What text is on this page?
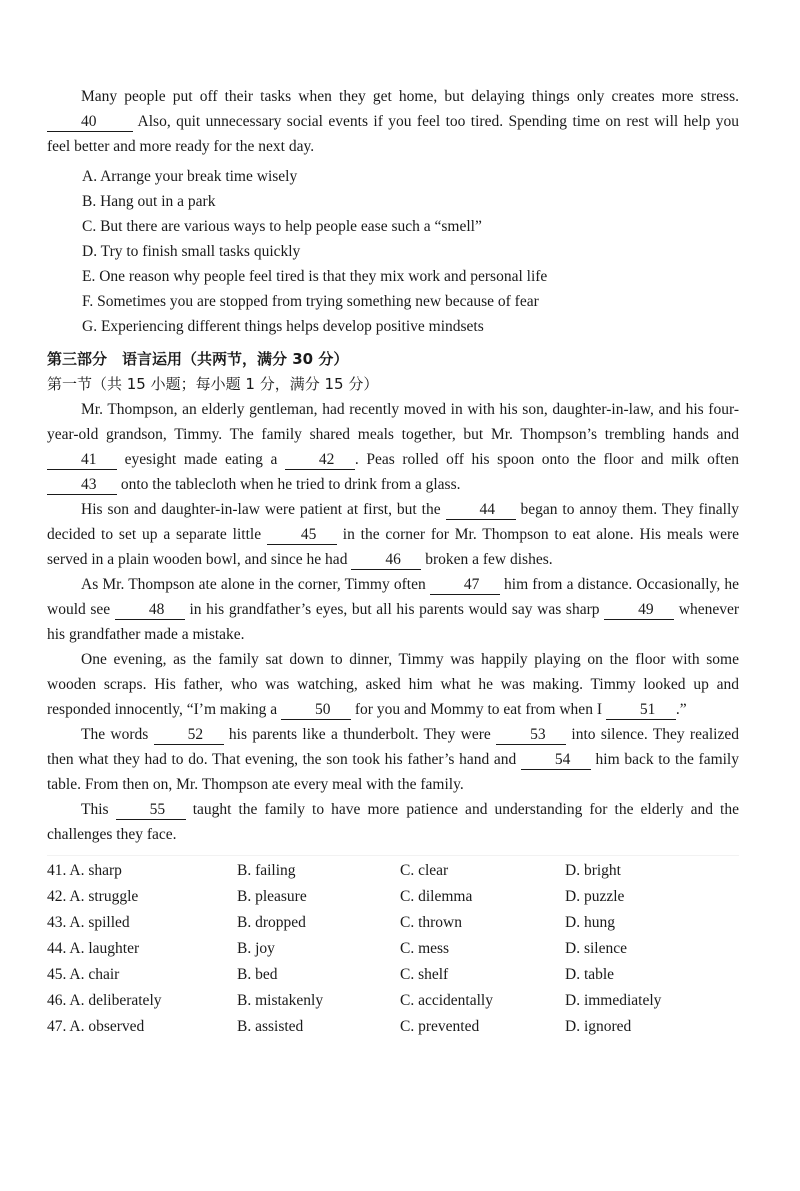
Many people put off their tasks when they get home, but delaying things only creates more stress.40 Also, quit unnecessary social events if you feel too tired. Spending time on rest will help you feel better and more ready for the next day.

A. Arrange your break time wisely
B. Hang out in a park
C. But there are various ways to help people ease such a “smell”
D. Try to finish small tasks quickly
E. One reason why people feel tired is that they mix work and personal life
F. Sometimes you are stopped from trying something new because of fear
G. Experiencing different things helps develop positive mindsets
第三部分　语言运用（共两节，满分 30 分）
第一节（共 15 小题；每小题 1 分，满分 15 分）

Mr. Thompson, an elderly gentleman, had recently moved in with his son, daughter-in-law, and his four-year-old grandson, Timmy. The family shared meals together, but Mr. Thompson’s trembling hands and 41 eyesight made eating a 42 . Peas rolled off his spoon onto the floor and milk often 43 onto the tablecloth when he tried to drink from a glass.

His son and daughter-in-law were patient at first, but the 44 began to annoy them. They finally decided to set up a separate little 45 in the corner for Mr. Thompson to eat alone. His meals were served in a plain wooden bowl, and since he had 46 broken a few dishes.

As Mr. Thompson ate alone in the corner, Timmy often 47 him from a distance. Occasionally, he would see 48 in his grandfather’s eyes, but all his parents would say was sharp 49 whenever his grandfather made a mistake.

One evening, as the family sat down to dinner, Timmy was happily playing on the floor with some wooden scraps. His father, who was watching, asked him what he was making. Timmy looked up and responded innocently, “I’m making a 50 for you and Mommy to eat from when I 51 .”

The words 52 his parents like a thunderbolt. They were 53 into silence. They realized then what they had to do. That evening, the son took his father’s hand and 54 him back to the family table. From then on, Mr. Thompson ate every meal with the family.

This 55 taught the family to have more patience and understanding for the elderly and the challenges they face.

41. A. sharp	B. failing	C. clear	D. bright
42. A. struggle	B. pleasure	C. dilemma	D. puzzle
43. A. spilled	B. dropped	C. thrown	D. hung
44. A. laughter	B. joy	C. mess	D. silence
45. A. chair	B. bed	C. shelf	D. table
46. A. deliberately	B. mistakenly	C. accidentally	D. immediately
47. A. observed	B. assisted	C. prevented	D. ignored
